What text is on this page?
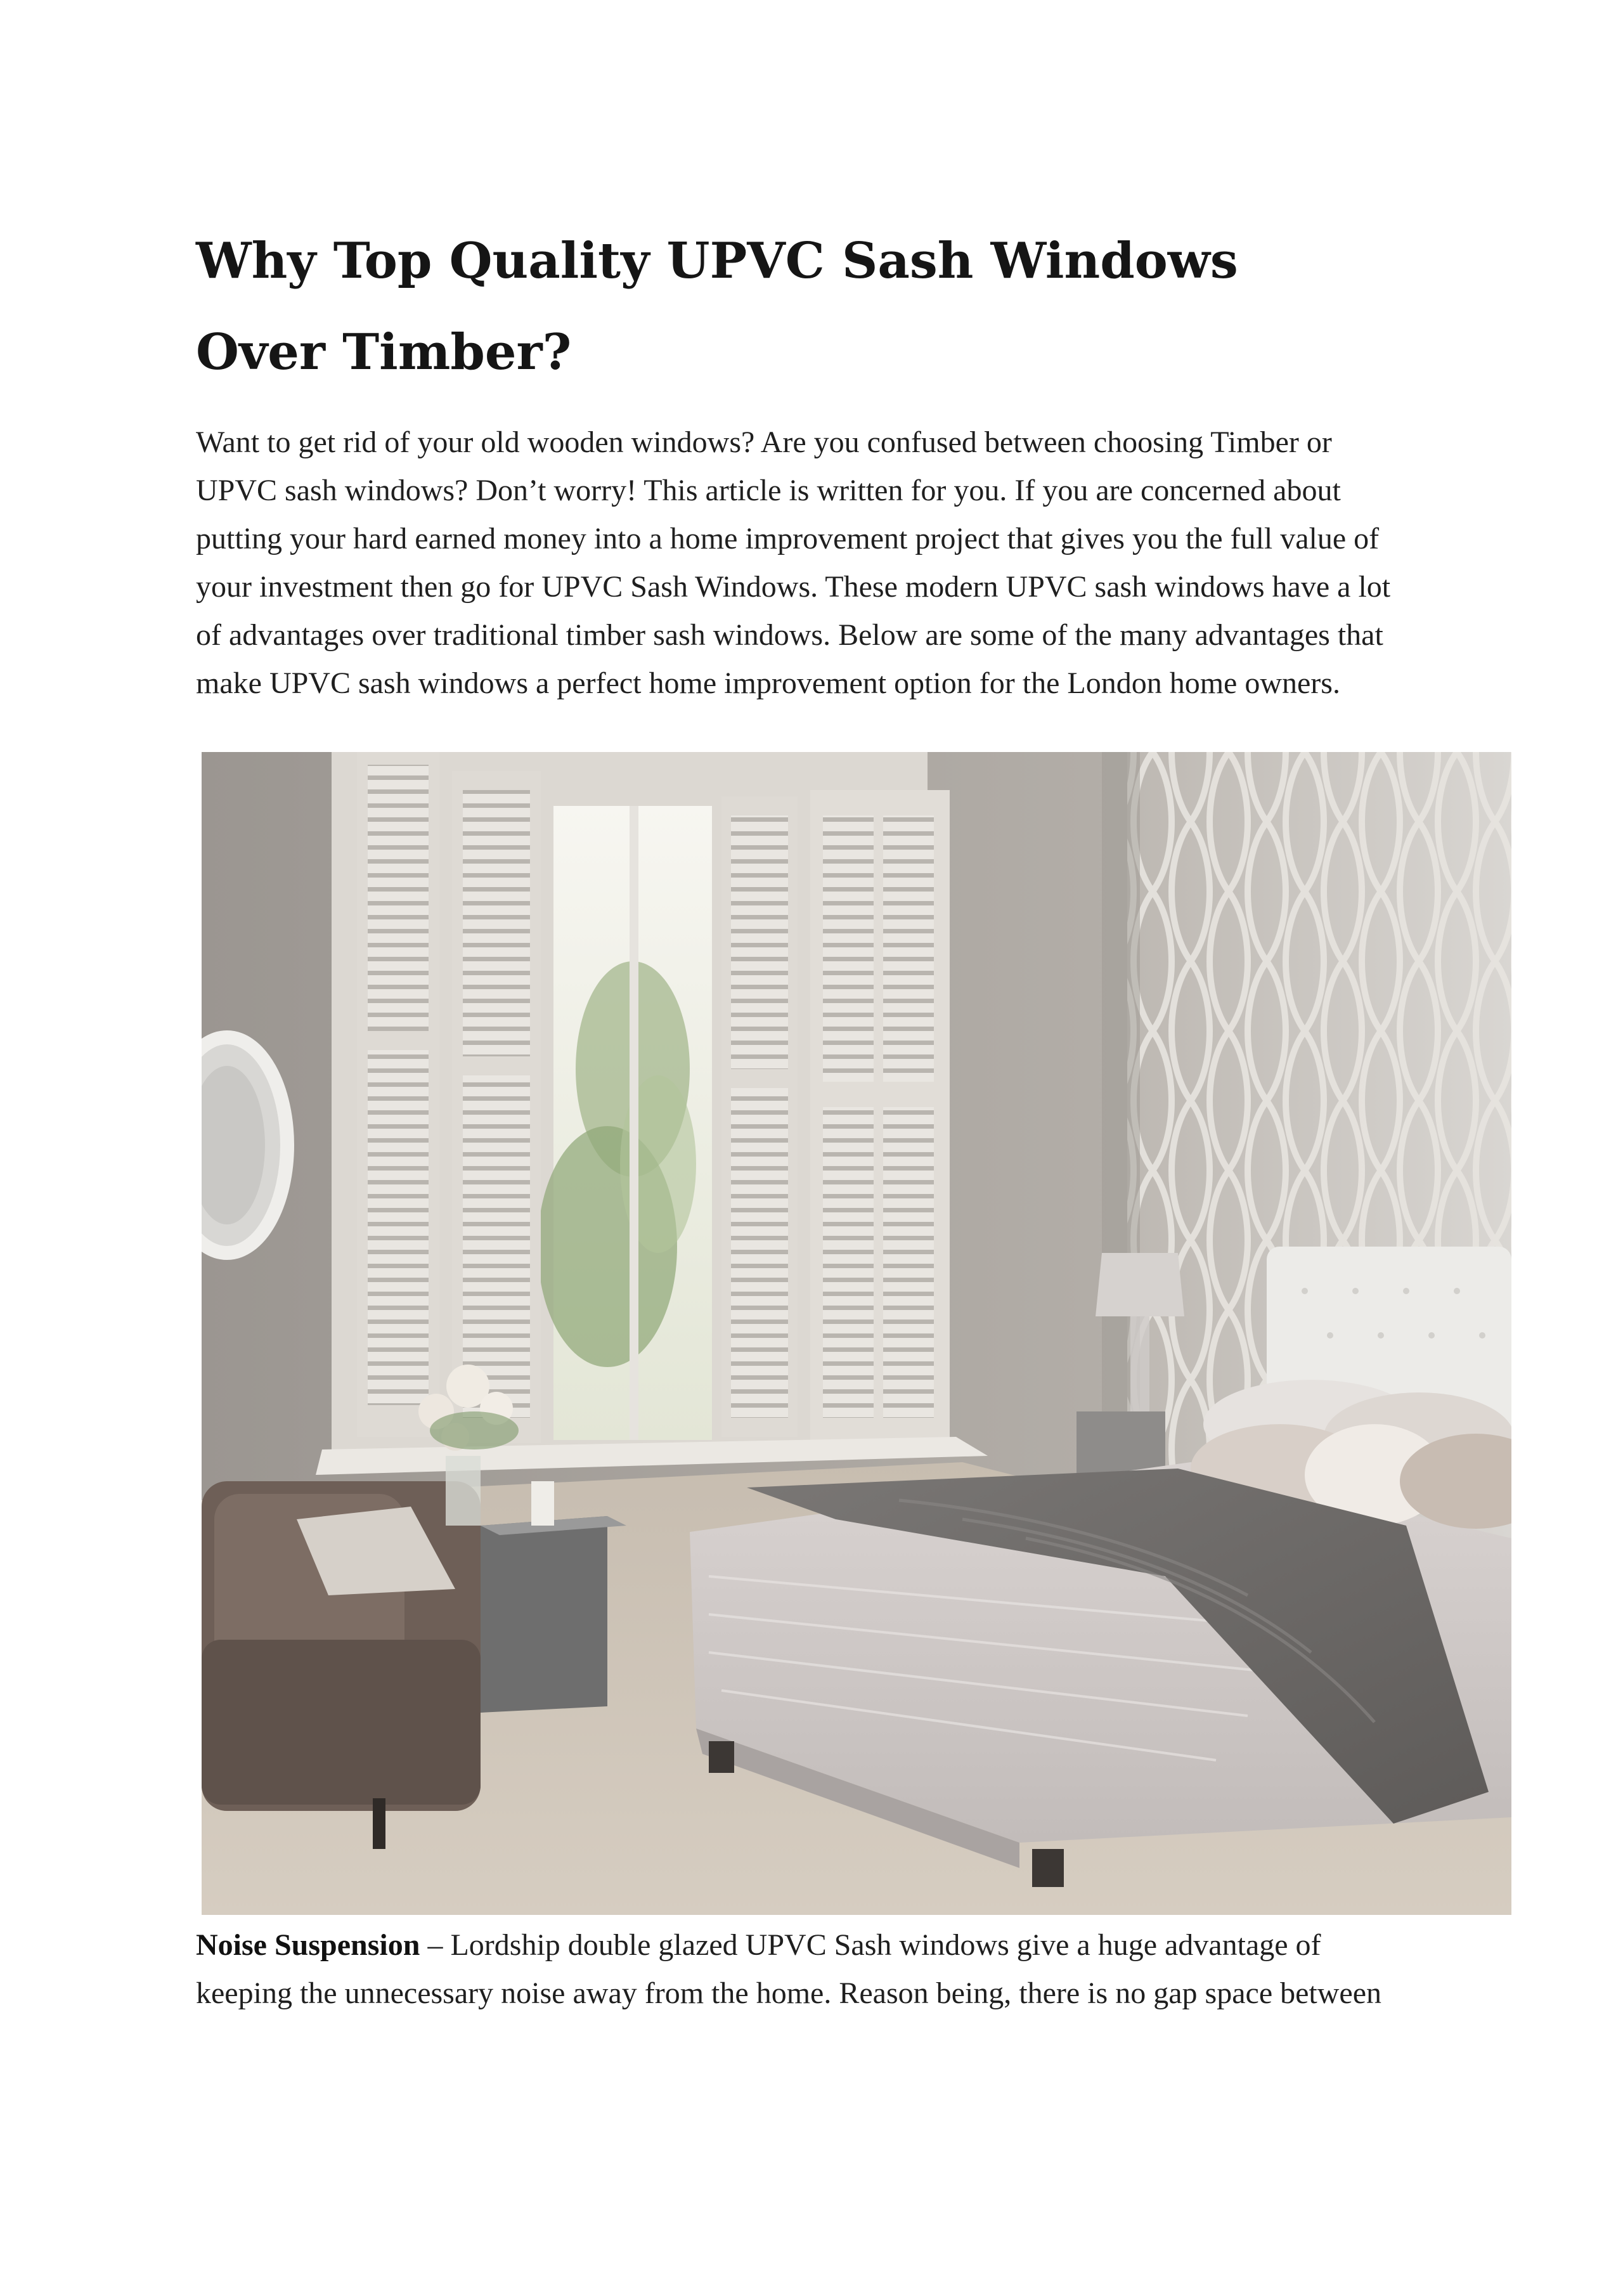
Why Top Quality UPVC Sash Windows
Over Timber?

Want to get rid of your old wooden windows? Are you confused between choosing Timber or
UPVC sash windows? Don’t worry! This article is written for you. If you are concerned about
putting your hard earned money into a home improvement project that gives you the full value of
your investment then go for UPVC Sash Windows. These modern UPVC sash windows have a lot
of advantages over traditional timber sash windows. Below are some of the many advantages that
make UPVC sash windows a perfect home improvement option for the London home owners.

Noise Suspension – Lordship double glazed UPVC Sash windows give a huge advantage of
keeping the unnecessary noise away from the home. Reason being, there is no gap space between
